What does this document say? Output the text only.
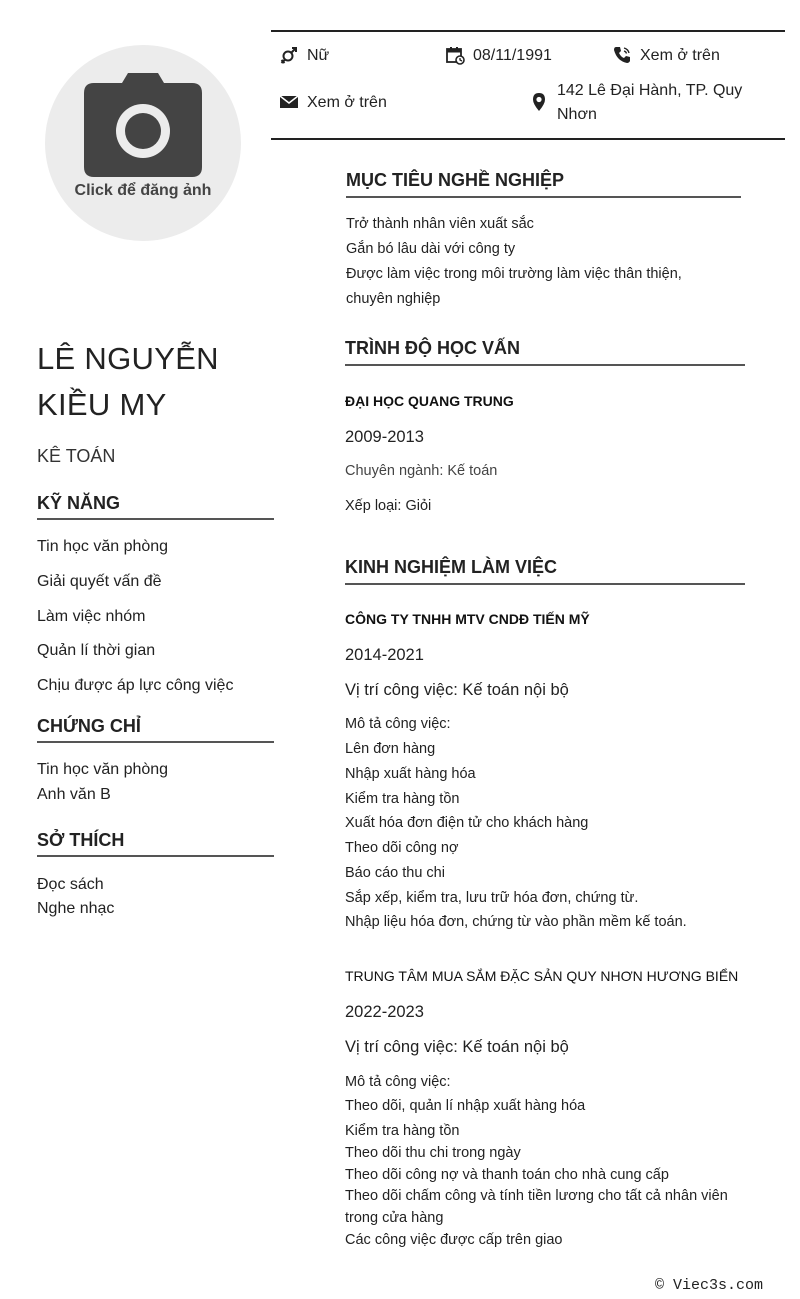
Click để đăng ảnh
Nữ	08/11/1991	Xem ở trên
Xem ở trên
142 Lê Đại Hành, TP. Quy Nhơn
LÊ NGUYỄN
KIỀU MY
KÊ TOÁN
KỸ NĂNG
Tin học văn phòng
Giải quyết vấn đề
Làm việc nhóm
Quản lí thời gian
Chịu được áp lực công việc
CHỨNG CHỈ
Tin học văn phòng
Anh văn B
SỞ THÍCH
Đọc sách
Nghe nhạc
MỤC TIÊU NGHỀ NGHIỆP
Trở thành nhân viên xuất sắc
Gắn bó lâu dài với công ty
Được làm việc trong môi trường làm việc thân thiện,
chuyên nghiệp
TRÌNH ĐỘ HỌC VẤN
ĐẠI HỌC QUANG TRUNG
2009-2013
Chuyên ngành: Kế toán
Xếp loại: Giỏi
KINH NGHIỆM LÀM VIỆC
CÔNG TY TNHH MTV CNDĐ TIẾN MỸ
2014-2021
Vị trí công việc: Kế toán nội bộ
Mô tả công việc:
Lên đơn hàng
Nhập xuất hàng hóa
Kiểm tra hàng tồn
Xuất hóa đơn điện tử cho khách hàng
Theo dõi công nợ
Báo cáo thu chi
Sắp xếp, kiểm tra, lưu trữ hóa đơn, chứng từ.
Nhập liệu hóa đơn, chứng từ vào phần mềm kế toán.
TRUNG TÂM MUA SẮM ĐẶC SẢN QUY NHƠN HƯƠNG BIỂN
2022-2023
Vị trí công việc: Kế toán nội bộ
Mô tả công việc:
Theo dõi, quản lí nhập xuất hàng hóa
Kiểm tra hàng tồn
Theo dõi thu chi trong ngày
Theo dõi công nợ và thanh toán cho nhà cung cấp
Theo dõi chấm công và tính tiền lương cho tất cả nhân viên
trong cửa hàng
Các công việc được cấp trên giao
© Viec3s.com
